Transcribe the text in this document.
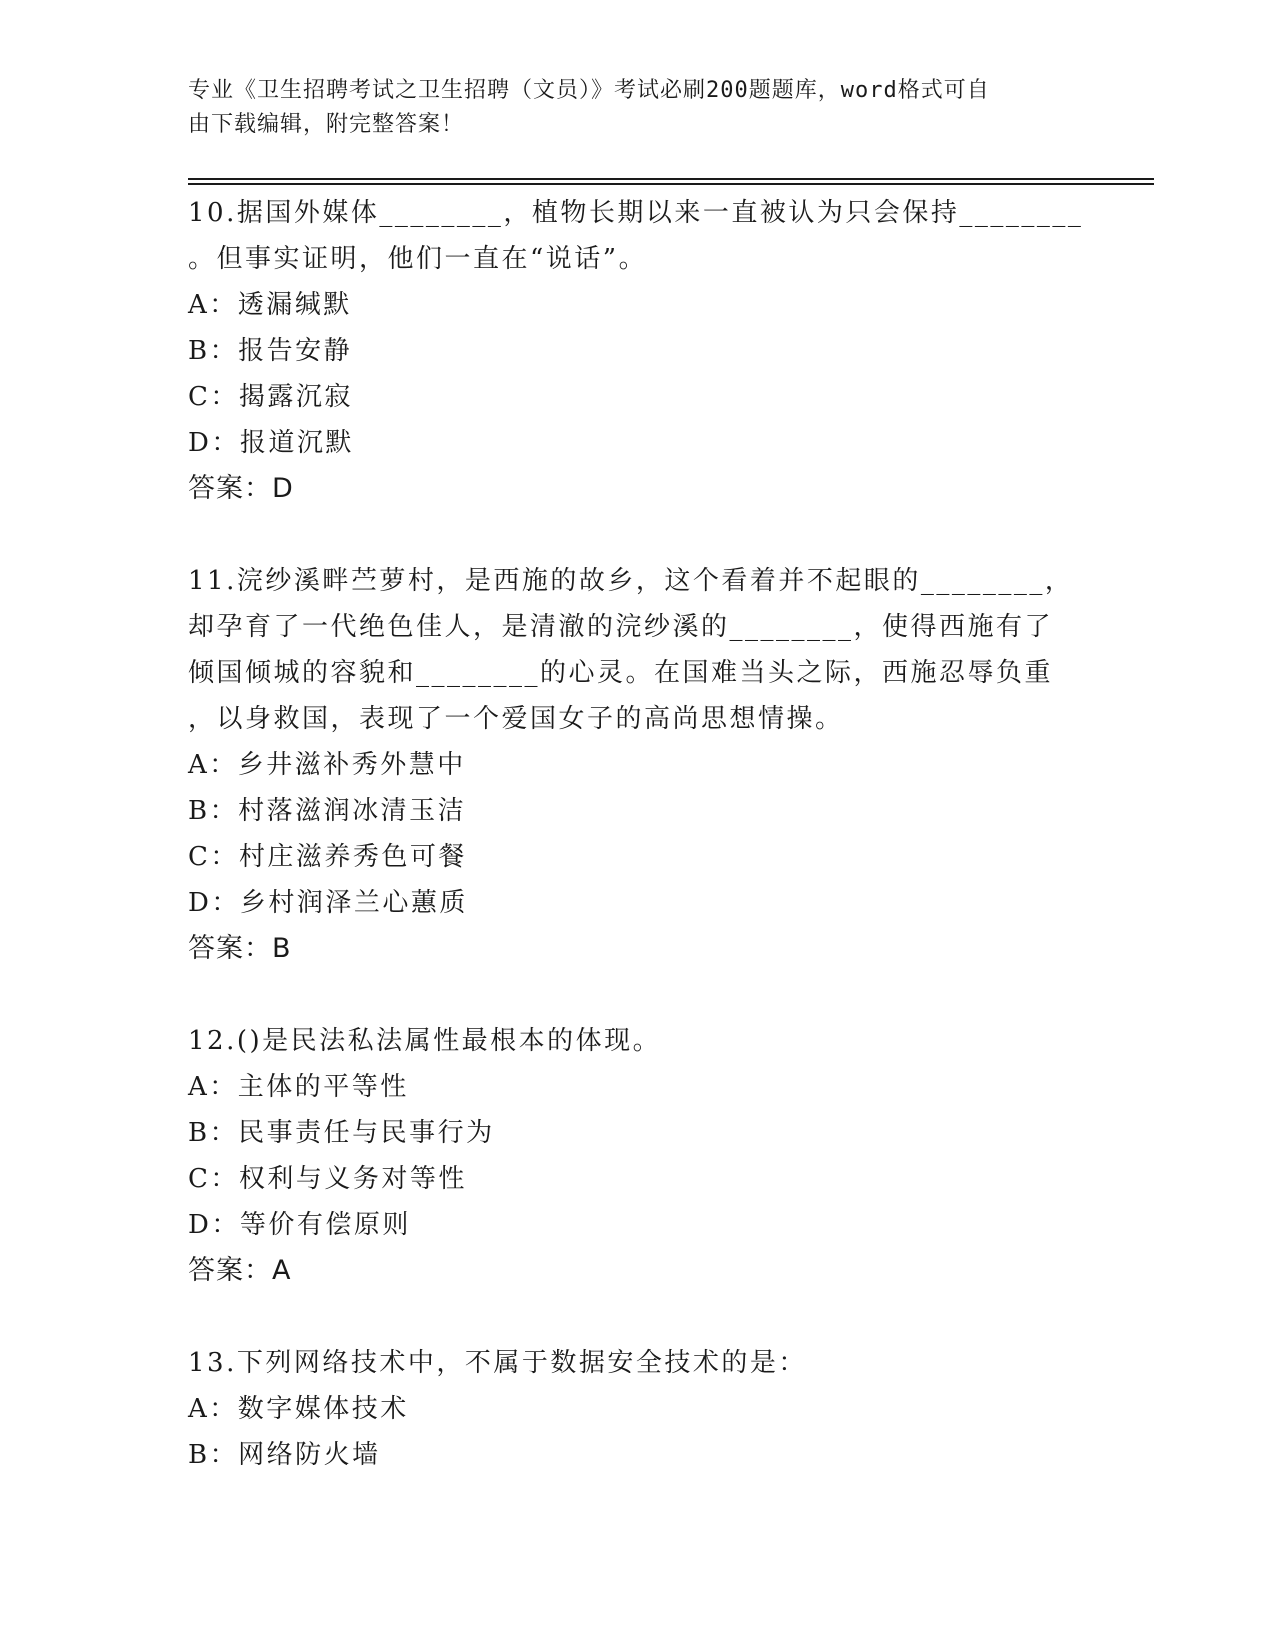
专业《卫生招聘考试之卫生招聘（文员）》考试必刷200题题库，word格式可自
由下载编辑，附完整答案！
10.据国外媒体________，植物长期以来一直被认为只会保持________
。但事实证明，他们一直在“说话”。
A：透漏缄默
B：报告安静
C：揭露沉寂
D：报道沉默
答案：D
11.浣纱溪畔苎萝村，是西施的故乡，这个看着并不起眼的________，
却孕育了一代绝色佳人，是清澈的浣纱溪的________，使得西施有了
倾国倾城的容貌和________的心灵。在国难当头之际，西施忍辱负重
，以身救国，表现了一个爱国女子的高尚思想情操。
A：乡井滋补秀外慧中
B：村落滋润冰清玉洁
C：村庄滋养秀色可餐
D：乡村润泽兰心蕙质
答案：B
12.()是民法私法属性最根本的体现。
A：主体的平等性
B：民事责任与民事行为
C：权利与义务对等性
D：等价有偿原则
答案：A
13.下列网络技术中，不属于数据安全技术的是：
A：数字媒体技术
B：网络防火墙
